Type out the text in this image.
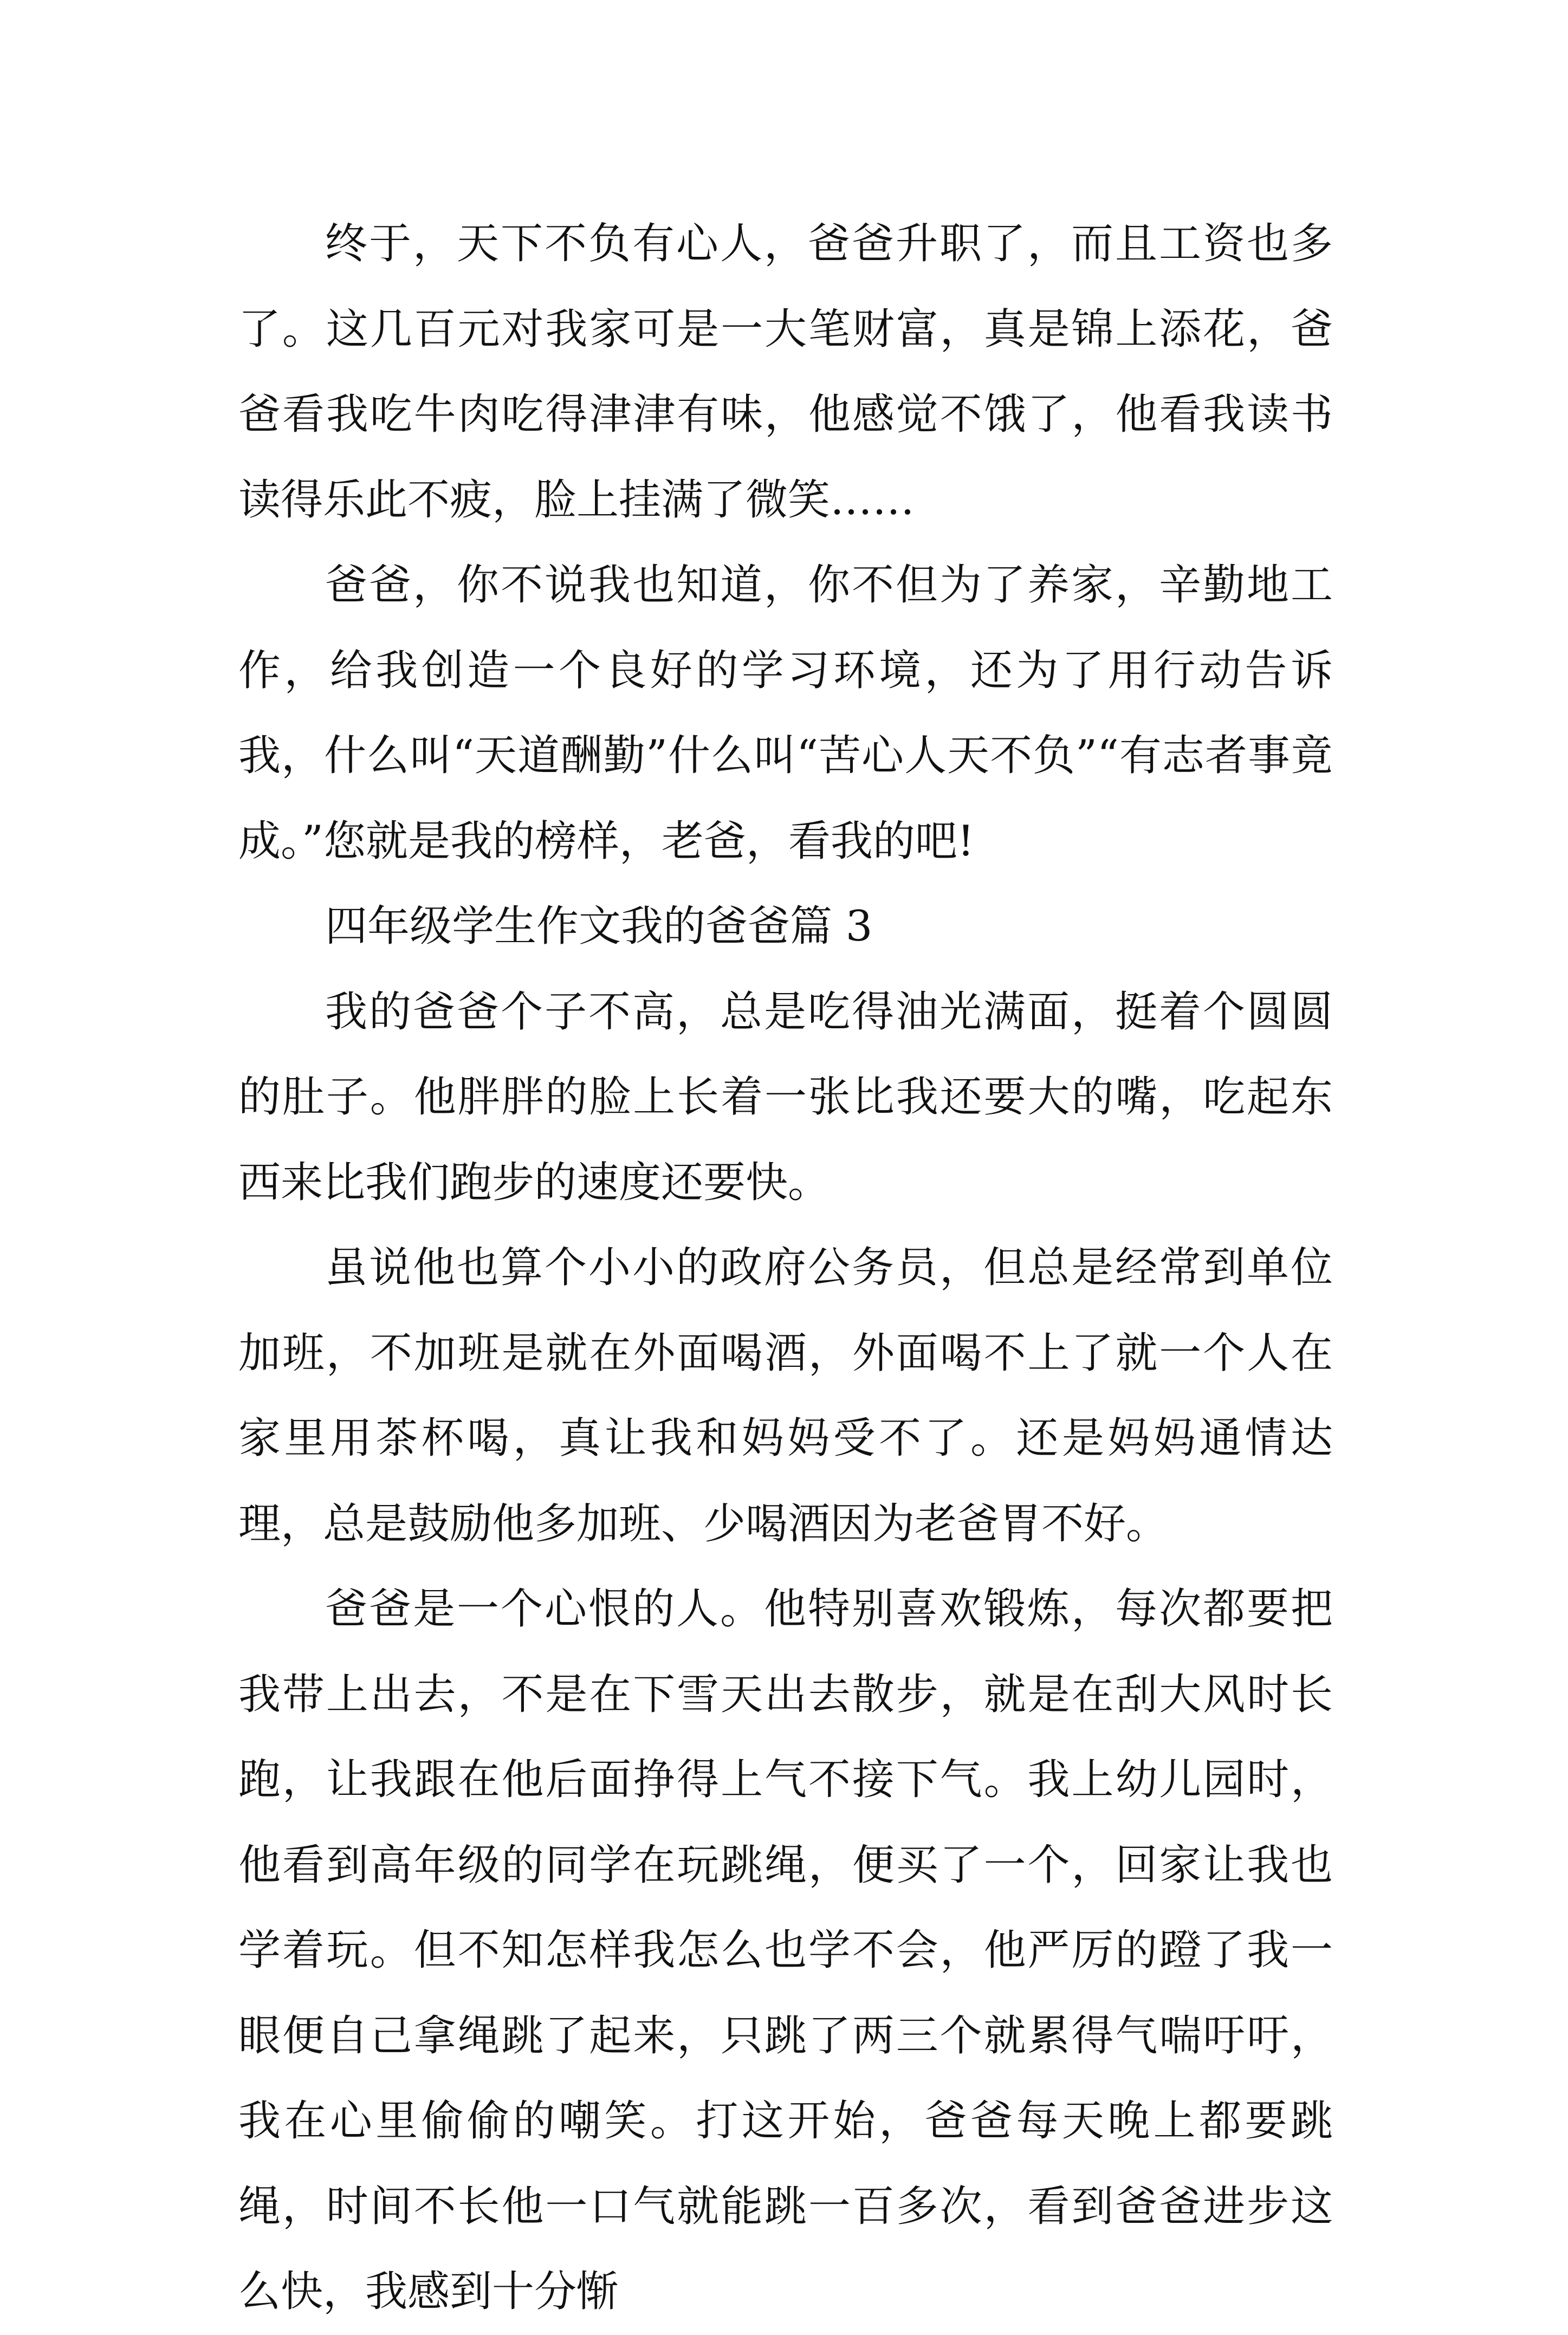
终于，天下不负有心人，爸爸升职了，而且工资也多了。这几百元对我家可是一大笔财富，真是锦上添花，爸爸看我吃牛肉吃得津津有味，他感觉不饿了，他看我读书读得乐此不疲，脸上挂满了微笑……

爸爸，你不说我也知道，你不但为了养家，辛勤地工作，给我创造一个良好的学习环境，还为了用行动告诉我，什么叫“天道酬勤”什么叫“苦心人天不负”“有志者事竟成。”您就是我的榜样，老爸，看我的吧!

四年级学生作文我的爸爸篇 3

我的爸爸个子不高，总是吃得油光满面，挺着个圆圆的肚子。他胖胖的脸上长着一张比我还要大的嘴，吃起东西来比我们跑步的速度还要快。

虽说他也算个小小的政府公务员，但总是经常到单位加班，不加班是就在外面喝酒，外面喝不上了就一个人在家里用茶杯喝，真让我和妈妈受不了。还是妈妈通情达理，总是鼓励他多加班、少喝酒因为老爸胃不好。

爸爸是一个心恨的人。他特别喜欢锻炼，每次都要把我带上出去，不是在下雪天出去散步，就是在刮大风时长跑，让我跟在他后面挣得上气不接下气。我上幼儿园时，他看到高年级的同学在玩跳绳，便买了一个，回家让我也学着玩。但不知怎样我怎么也学不会，他严厉的蹬了我一眼便自己拿绳跳了起来，只跳了两三个就累得气喘吁吁，我在心里偷偷的嘲笑。打这开始，爸爸每天晚上都要跳绳，时间不长他一口气就能跳一百多次，看到爸爸进步这么快，我感到十分惭
